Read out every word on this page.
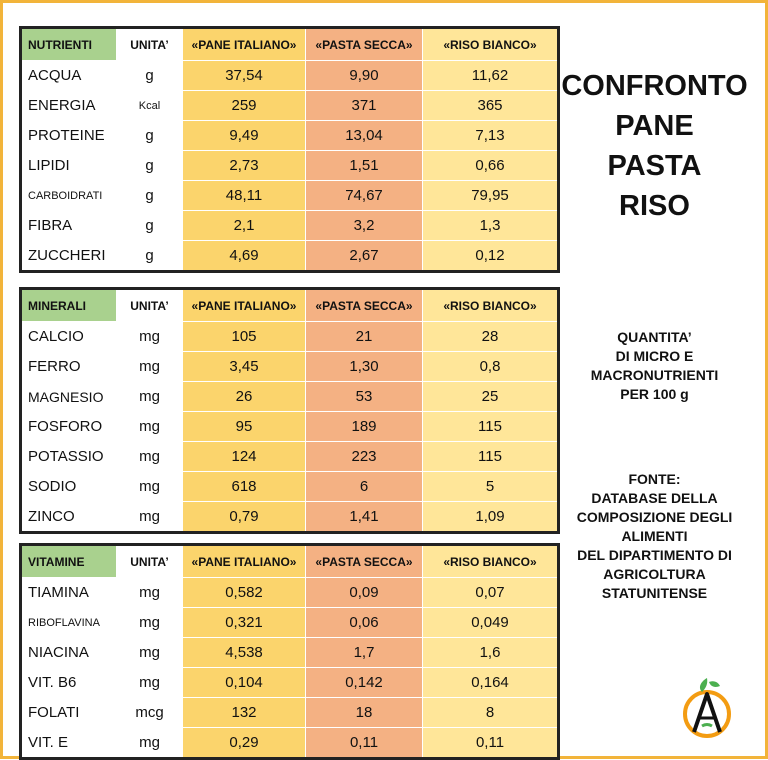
NUTRIENTI	UNITA’	«PANE ITALIANO»	«PASTA SECCA»	«RISO BIANCO»
ACQUA	g	37,54	9,90	11,62
ENERGIA	Kcal	259	371	365
PROTEINE	g	9,49	13,04	7,13
LIPIDI	g	2,73	1,51	0,66
CARBOIDRATI	g	48,11	74,67	79,95
FIBRA	g	2,1	3,2	1,3
ZUCCHERI	g	4,69	2,67	0,12
MINERALI	UNITA’	«PANE ITALIANO»	«PASTA SECCA»	«RISO BIANCO»
CALCIO	mg	105	21	28
FERRO	mg	3,45	1,30	0,8
MAGNESIO	mg	26	53	25
FOSFORO	mg	95	189	115
POTASSIO	mg	124	223	115
SODIO	mg	618	6	5
ZINCO	mg	0,79	1,41	1,09
VITAMINE	UNITA’	«PANE ITALIANO»	«PASTA SECCA»	«RISO BIANCO»
TIAMINA	mg	0,582	0,09	0,07
RIBOFLAVINA	mg	0,321	0,06	0,049
NIACINA	mg	4,538	1,7	1,6
VIT. B6	mg	0,104	0,142	0,164
FOLATI	mcg	132	18	8
VIT. E	mg	0,29	0,11	0,11
CONFRONTO
PANE
PASTA
RISO
QUANTITA’
DI MICRO E
MACRONUTRIENTI
PER 100 g
FONTE:
DATABASE DELLA
COMPOSIZIONE DEGLI
ALIMENTI
DEL DIPARTIMENTO DI
AGRICOLTURA
STATUNITENSE
